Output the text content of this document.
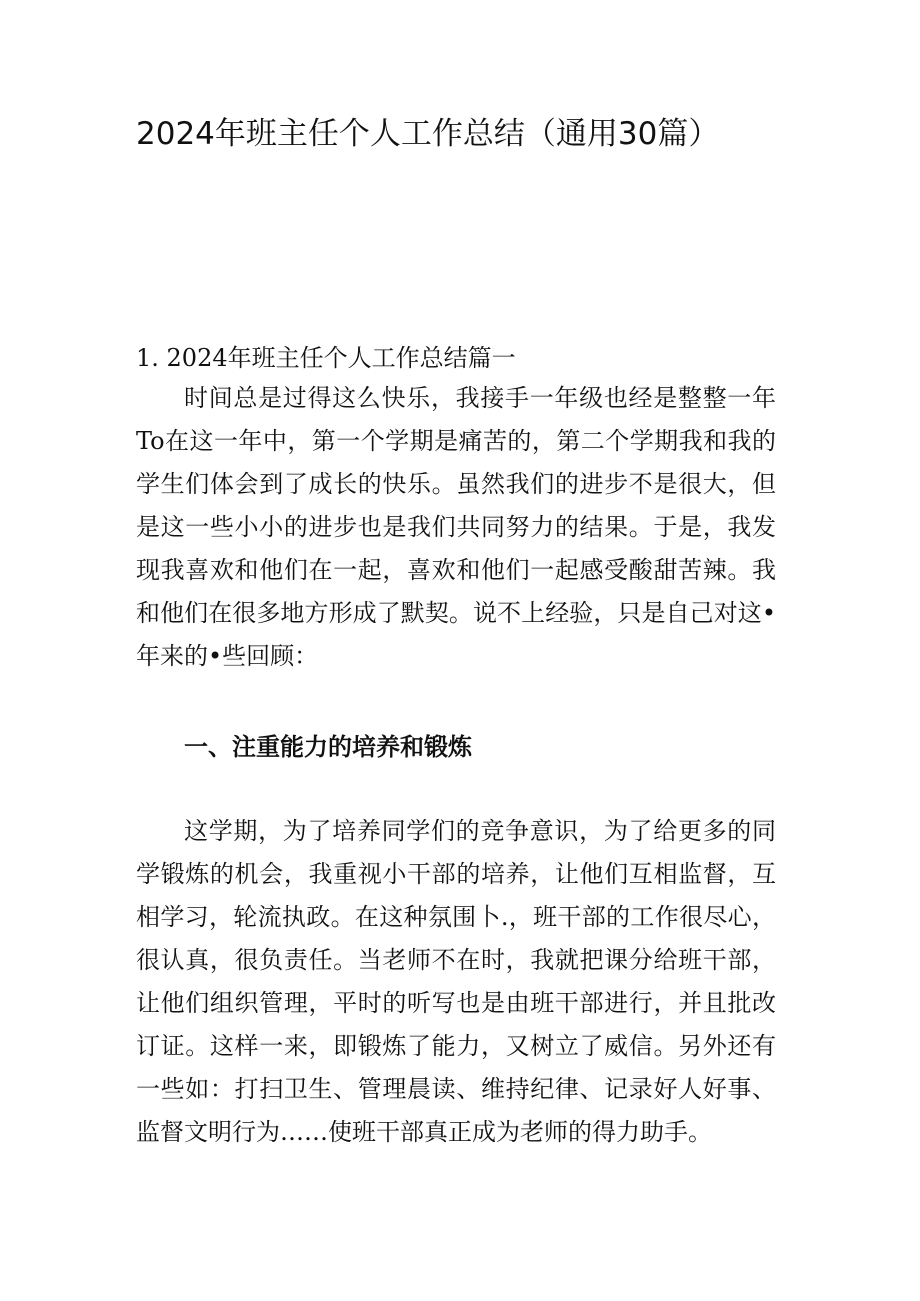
2024年班主任个人工作总结（通用30篇）
1. 2024年班主任个人工作总结篇一

时间总是过得这么快乐，我接手一年级也经是整整一年To在这一年中，第一个学期是痛苦的，第二个学期我和我的学生们体会到了成长的快乐。虽然我们的进步不是很大，但是这一些小小的进步也是我们共同努力的结果。于是，我发现我喜欢和他们在一起，喜欢和他们一起感受酸甜苦辣。我和他们在很多地方形成了默契。说不上经验，只是自己对这•年来的•些回顾：

一、注重能力的培养和锻炼

这学期，为了培养同学们的竞争意识，为了给更多的同学锻炼的机会，我重视小干部的培养，让他们互相监督，互相学习，轮流执政。在这种氛围卜.，班干部的工作很尽心，很认真，很负责任。当老师不在时，我就把课分给班干部，让他们组织管理，平时的听写也是由班干部进行，并且批改订证。这样一来，即锻炼了能力，又树立了威信。另外还有一些如：打扫卫生、管理晨读、维持纪律、记录好人好事、监督文明行为……使班干部真正成为老师的得力助手。
